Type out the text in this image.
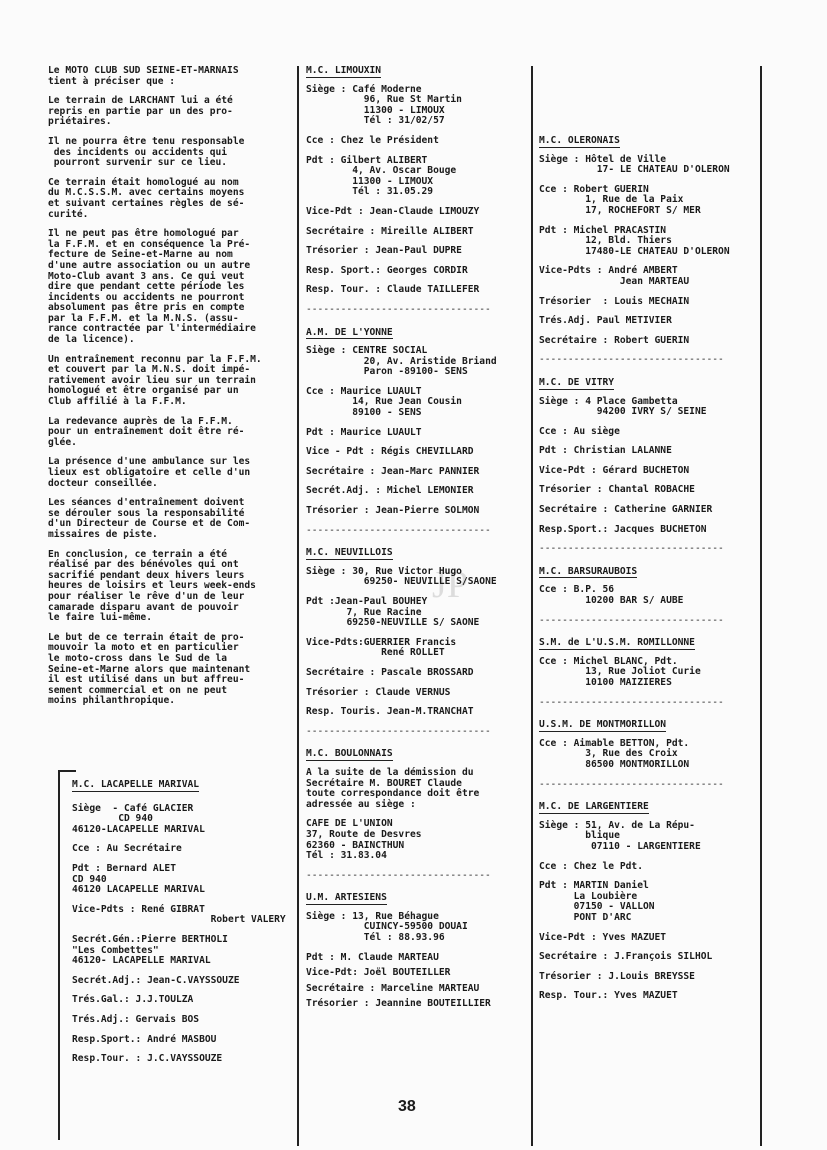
JP
Le MOTO CLUB SUD SEINE-ET-MARNAIS
tient à préciser que :
Le terrain de LARCHANT lui a été
repris en partie par un des pro-
priétaires.
Il ne pourra être tenu responsable
des incidents ou accidents qui
pourront survenir sur ce lieu.
Ce terrain était homologué au nom
du M.C.S.S.M. avec certains moyens
et suivant certaines règles de sé-
curité.
Il ne peut pas être homologué par
la F.F.M. et en conséquence la Pré-
fecture de Seine-et-Marne au nom
d'une autre association ou un autre
Moto-Club avant 3 ans. Ce qui veut
dire que pendant cette période les
incidents ou accidents ne pourront
absolument pas être pris en compte
par la F.F.M. et la M.N.S. (assu-
rance contractée par l'intermédiaire
de la licence).
Un entraînement reconnu par la F.F.M.
et couvert par la M.N.S. doit impé-
rativement avoir lieu sur un terrain
homologué et être organisé par un
Club affilié à la F.F.M.
La redevance auprès de la F.F.M.
pour un entraînement doit être ré-
glée.
La présence d'une ambulance sur les
lieux est obligatoire et celle d'un
docteur conseillée.
Les séances d'entraînement doivent
se dérouler sous la responsabilité
d'un Directeur de Course et de Com-
missaires de piste.
En conclusion, ce terrain a été
réalisé par des bénévoles qui ont
sacrifié pendant deux hivers leurs
heures de loisirs et leurs week-ends
pour réaliser le rêve d'un de leur
camarade disparu avant de pouvoir
le faire lui-même.
Le but de ce terrain était de pro-
mouvoir la moto et en particulier
le moto-cross dans le Sud de la
Seine-et-Marne alors que maintenant
il est utilisé dans un but affreu-
sement commercial et on ne peut
moins philanthropique.
M.C. LACAPELLE MARIVAL
Siège  - Café GLACIER
CD 940
46120-LACAPELLE MARIVAL
Cce : Au Secrétaire
Pdt : Bernard ALET
CD 940
46120 LACAPELLE MARIVAL
Vice-Pdts : René GIBRAT
Robert VALERY
Secrét.Gén.:Pierre BERTHOLI
"Les Combettes"
46120- LACAPELLE MARIVAL
Secrét.Adj.: Jean-C.VAYSSOUZE
Trés.Gal.: J.J.TOULZA
Trés.Adj.: Gervais BOS
Resp.Sport.: André MASBOU
Resp.Tour. : J.C.VAYSSOUZE
M.C. LIMOUXIN

Siège : Café Moderne
96, Rue St Martin
11300 - LIMOUX
Tél : 31/02/57
Cce : Chez le Président
Pdt : Gilbert ALIBERT
4, Av. Oscar Bouge
11300 - LIMOUX
Tél : 31.05.29
Vice-Pdt : Jean-Claude LIMOUZY
Secrétaire : Mireille ALIBERT
Trésorier : Jean-Paul DUPRE
Resp. Sport.: Georges CORDIR
Resp. Tour. : Claude TAILLEFER
--------------------------------
A.M. DE L'YONNE

Siège : CENTRE SOCIAL
20, Av. Aristide Briand
Paron -89100- SENS
Cce : Maurice LUAULT
14, Rue Jean Cousin
89100 - SENS
Pdt : Maurice LUAULT
Vice - Pdt : Régis CHEVILLARD
Secrétaire : Jean-Marc PANNIER
Secrét.Adj. : Michel LEMONIER
Trésorier : Jean-Pierre SOLMON
--------------------------------
M.C. NEUVILLOIS

Siège : 30, Rue Victor Hugo
69250- NEUVILLE S/SAONE
Pdt : Jean-Paul BOUHEY
7, Rue Racine
69250-NEUVILLE S/ SAONE
Vice-Pdts: GUERRIER Francis
René ROLLET
Secrétaire : Pascale BROSSARD
Trésorier : Claude VERNUS
Resp. Touris. Jean-M.TRANCHAT
--------------------------------
M.C. BOULONNAIS

A la suite de la démission du
Secrétaire M. BOURET Claude
toute correspondance doit être
adressée au siège :
CAFE DE L'UNION
37, Route de Desvres
62360 - BAINCTHUN
Tél : 31.83.04
--------------------------------
U.M. ARTESIENS

Siège : 13, Rue Béhague
CUINCY-59500 DOUAI
Tél : 88.93.96
Pdt : M. Claude MARTEAU
Vice-Pdt: Joël BOUTEILLER
Secrétaire : Marceline MARTEAU
Trésorier : Jeannine BOUTEILLIER
M.C. OLERONAIS

Siège : Hôtel de Ville
17- LE CHATEAU D'OLERON
Cce : Robert GUERIN
1, Rue de la Paix
17, ROCHEFORT S/ MER
Pdt : Michel PRACASTIN
12, Bld. Thiers
17480-LE CHATEAU D'OLERON
Vice-Pdts : André AMBERT
Jean MARTEAU
Trésorier  : Louis MECHAIN
Trés.Adj. Paul METIVIER
Secrétaire : Robert GUERIN
--------------------------------
M.C. DE VITRY

Siège : 4 Place Gambetta
94200 IVRY S/ SEINE
Cce : Au siège
Pdt : Christian LALANNE
Vice-Pdt : Gérard BUCHETON
Trésorier : Chantal ROBACHE
Secrétaire : Catherine GARNIER
Resp.Sport.: Jacques BUCHETON
--------------------------------
M.C. BARSURAUBOIS

Cce : B.P. 56
10200 BAR S/ AUBE
--------------------------------
S.M. de L'U.S.M. ROMILLONNE

Cce : Michel BLANC, Pdt.
13, Rue Joliot Curie
10100 MAIZIERES
--------------------------------
U.S.M. DE MONTMORILLON

Cce : Aimable BETTON, Pdt.
3, Rue des Croix
86500 MONTMORILLON
--------------------------------
M.C. DE LARGENTIERE

Siège : 51, Av. de La Répu-
blique
07110 - LARGENTIERE
Cce : Chez le Pdt.
Pdt : MARTIN Daniel
La Loubière
07150 - VALLON
PONT D'ARC
Vice-Pdt : Yves MAZUET
Secrétaire : J.François SILHOL
Trésorier : J.Louis BREYSSE
Resp. Tour.: Yves MAZUET
38
